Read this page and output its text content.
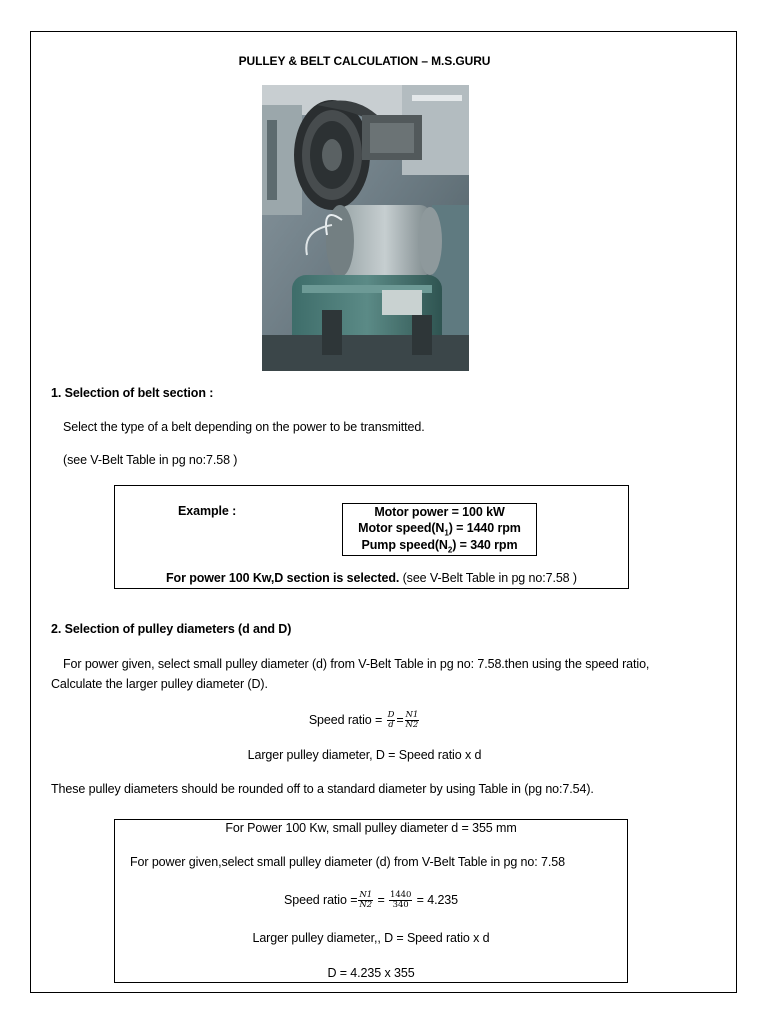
PULLEY & BELT CALCULATION – M.S.GURU
1. Selection of belt section :
Select the type of a belt depending on the power to be transmitted.
(see V-Belt Table in pg no:7.58 )
Example :	Motor power = 100 kW
Motor $speed(N_1) = 1440$ rpm
Pump $speed(N_2) = 340$ rpm
For power 100 Kw,D section is selected. (see V-Belt Table in pg no:7.58 )
2. Selection of pulley diameters (d and D)
For power given, select small pulley diameter (d) from V-Belt Table in pg no: 7.58.then using the speed ratio,
Calculate the larger pulley diameter (D).
Speed ratio = $\frac{D}{d} = \frac{N1}{N2}$
Larger pulley diameter, D = Speed ratio x d
These pulley diameters should be rounded off to a standard diameter by using Table in (pg no:7.54).
For Power 100 Kw, small pulley diameter d = 355 mm
For power given,select small pulley diameter (d) from V-Belt Table in pg no: 7.58
Speed ratio = $\frac{N1}{N2} = \frac{1440}{340} = 4.235$
Larger pulley diameter,, D = Speed ratio x d
D = 4.235 x 355
